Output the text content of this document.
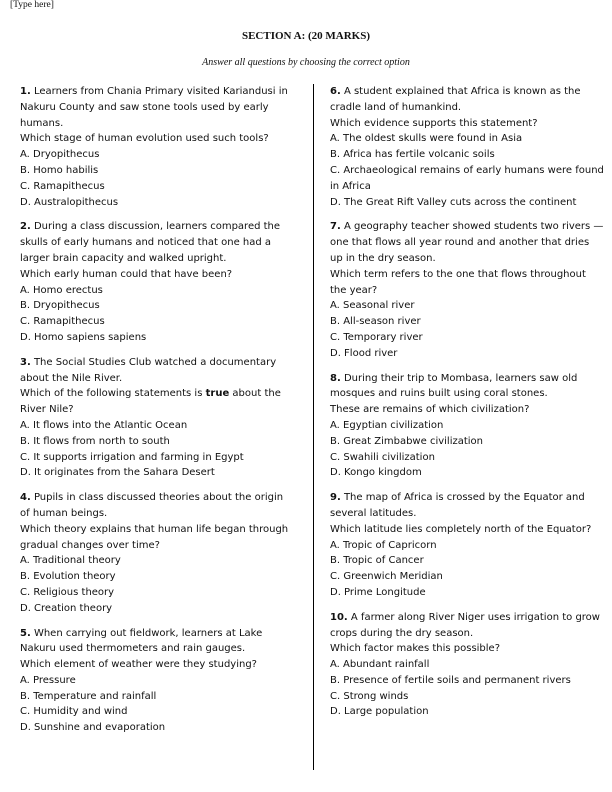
[Type here]
SECTION A: (20 MARKS)
Answer all questions by choosing the correct option
1. Learners from Chania Primary visited Kariandusi in Nakuru County and saw stone tools used by early humans.
Which stage of human evolution used such tools?
A. Dryopithecus
B. Homo habilis
C. Ramapithecus
D. Australopithecus
2. During a class discussion, learners compared the skulls of early humans and noticed that one had a larger brain capacity and walked upright.
Which early human could that have been?
A. Homo erectus
B. Dryopithecus
C. Ramapithecus
D. Homo sapiens sapiens
3. The Social Studies Club watched a documentary about the Nile River.
Which of the following statements is true about the River Nile?
A. It flows into the Atlantic Ocean
B. It flows from north to south
C. It supports irrigation and farming in Egypt
D. It originates from the Sahara Desert
4. Pupils in class discussed theories about the origin of human beings.
Which theory explains that human life began through gradual changes over time?
A. Traditional theory
B. Evolution theory
C. Religious theory
D. Creation theory
5. When carrying out fieldwork, learners at Lake Nakuru used thermometers and rain gauges.
Which element of weather were they studying?
A. Pressure
B. Temperature and rainfall
C. Humidity and wind
D. Sunshine and evaporation
6. A student explained that Africa is known as the cradle land of humankind.
Which evidence supports this statement?
A. The oldest skulls were found in Asia
B. Africa has fertile volcanic soils
C. Archaeological remains of early humans were found in Africa
D. The Great Rift Valley cuts across the continent
7. A geography teacher showed students two rivers — one that flows all year round and another that dries up in the dry season.
Which term refers to the one that flows throughout the year?
A. Seasonal river
B. All-season river
C. Temporary river
D. Flood river
8. During their trip to Mombasa, learners saw old mosques and ruins built using coral stones.
These are remains of which civilization?
A. Egyptian civilization
B. Great Zimbabwe civilization
C. Swahili civilization
D. Kongo kingdom
9. The map of Africa is crossed by the Equator and several latitudes.
Which latitude lies completely north of the Equator?
A. Tropic of Capricorn
B. Tropic of Cancer
C. Greenwich Meridian
D. Prime Longitude
10. A farmer along River Niger uses irrigation to grow crops during the dry season.
Which factor makes this possible?
A. Abundant rainfall
B. Presence of fertile soils and permanent rivers
C. Strong winds
D. Large population
